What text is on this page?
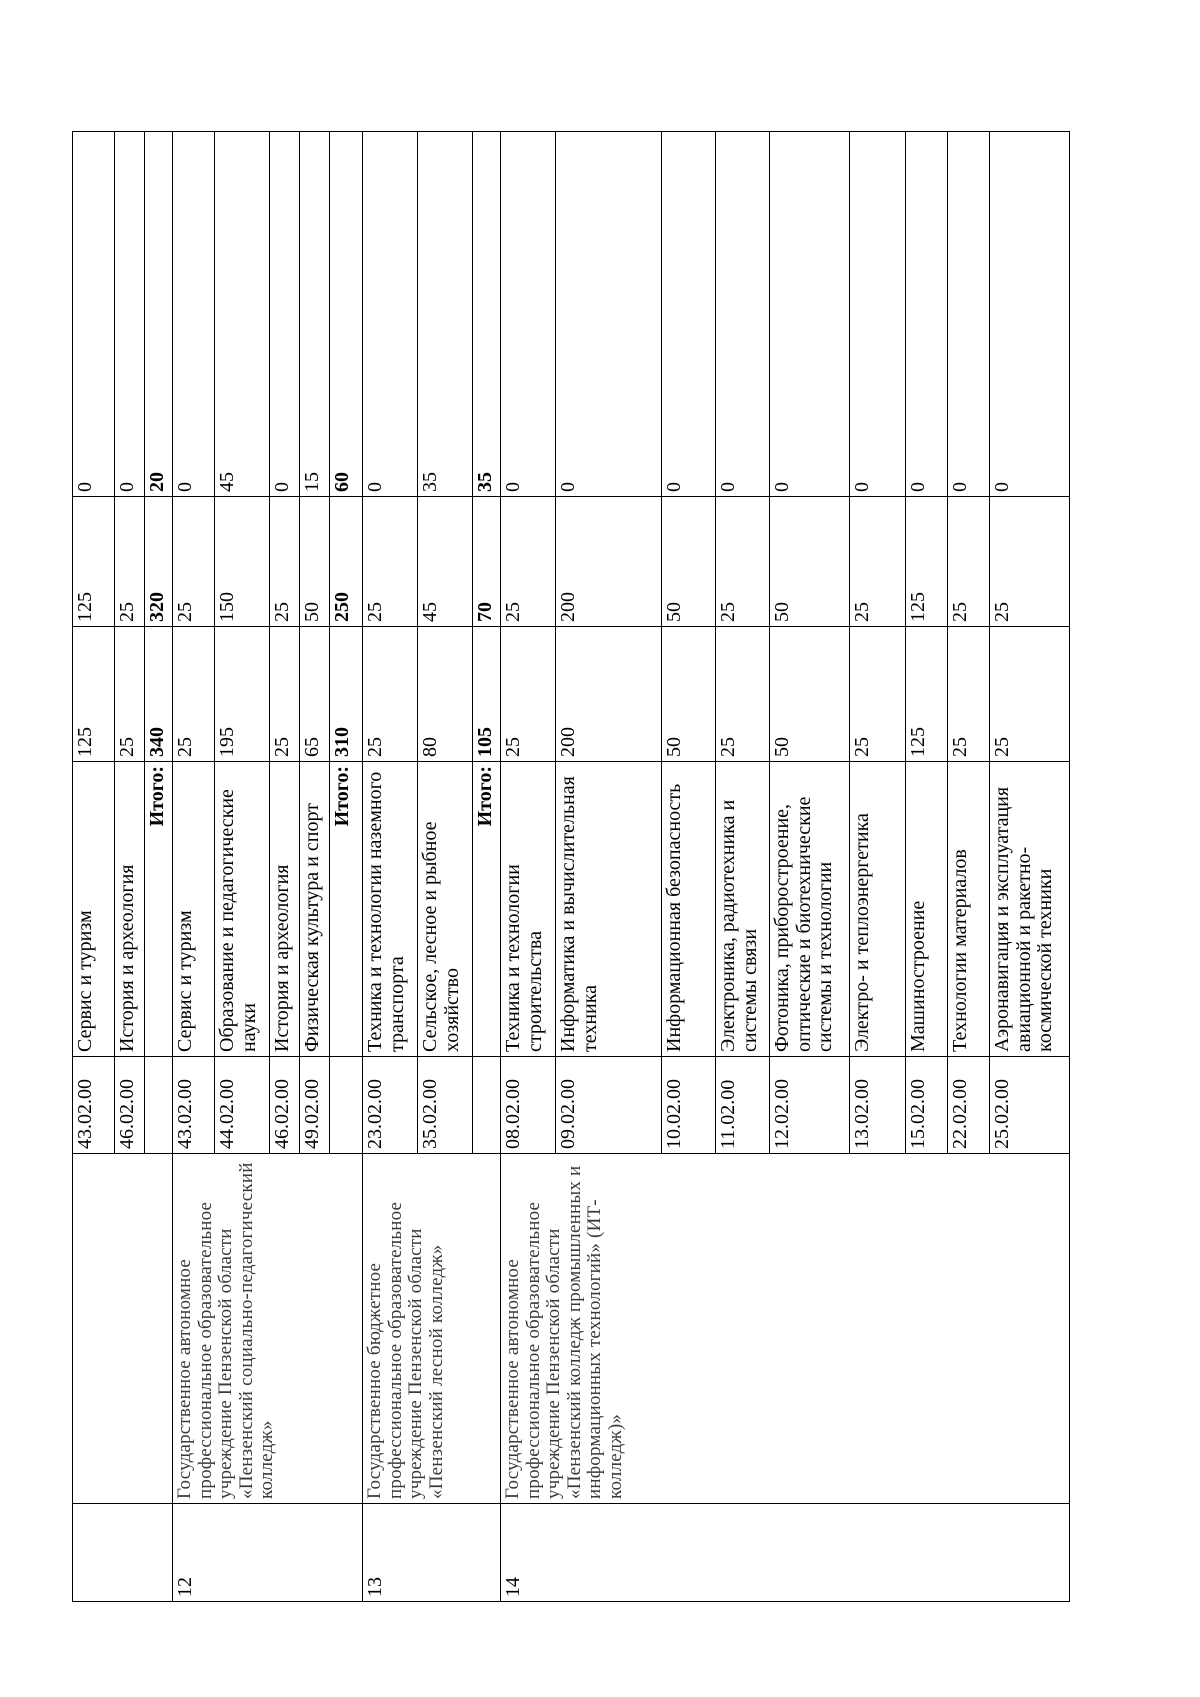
		43.02.00	Сервис и туризм	125	125	0
		46.02.00	История и археология	25	25	0
			Итого:	340	320	20
12	Государственное автономное профессиональное образовательное учреждение Пензенской области «Пензенский социально-педагогический колледж»	43.02.00	Сервис и туризм	25	25	0
		44.02.00	Образование и педагогические науки	195	150	45
		46.02.00	История и археология	25	25	0
		49.02.00	Физическая культура и спорт	65	50	15
			Итого:	310	250	60
13	Государственное бюджетное профессиональное образовательное учреждение Пензенской области «Пензенский лесной колледж»	23.02.00	Техника и технологии наземного транспорта	25	25	0
		35.02.00	Сельское, лесное и рыбное хозяйство	80	45	35
			Итого:	105	70	35
14	Государственное автономное профессиональное образовательное учреждение Пензенской области «Пензенский колледж промышленных и информационных технологий» (ИТ-колледж)»	08.02.00	Техника и технологии строительства	25	25	0
		09.02.00	Информатика и вычислительная техника	200	200	0
		10.02.00	Информационная безопасность	50	50	0
		11.02.00	Электроника, радиотехника и системы связи	25	25	0
		12.02.00	Фотоника, приборостроение, оптические и биотехнические системы и технологии	50	50	0
		13.02.00	Электро- и теплоэнергетика	25	25	0
		15.02.00	Машиностроение	125	125	0
		22.02.00	Технологии материалов	25	25	0
		25.02.00	Аэронавигация и эксплуатация авиационной и ракетно-космической техники	25	25	0
